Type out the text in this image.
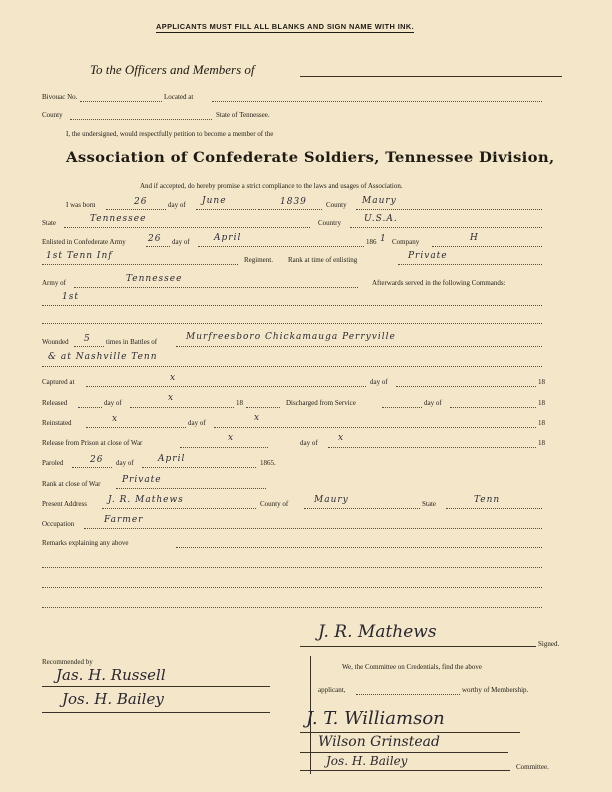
APPLICANTS MUST FILL ALL BLANKS AND SIGN NAME WITH INK.
To the Officers and Members of
Bivouac No.	Located at
County	State of Tennessee.
I, the undersigned, would respectfully petition to become a member of the
Association of Confederate Soldiers, Tennessee Division,
And if accepted, do hereby promise a strict compliance to the laws and usages of Association.
I was born	26	day of June	1839	County Maury
State	Tennessee	Country	U.S.A.
Enlisted in Confederate Army 26 day of	April	186 1 Company	H
1st Tenn Inf	Regiment. Rank at time of enlisting	Private
Army of	Tennessee	Afterwards served in the following Commands:
1st
Wounded 5 times in Battles of	Murfreesboro Chickamauga Perryville
& at Nashville Tenn
Captured at	x	day of	18
Released	day of	x	18	Discharged from Service	day of	18
Reinstated	x	day of	x	18
Release from Prison at close of War	x	day of x	18
Paroled	26 day of	April	1865.
Rank at close of War Private
Present Address J. R. Mathews	County of	Maury	State	Tenn
Occupation	Farmer
Remarks explaining any above
J. R. Mathews
Signed.
Recommended by
Jas. H. Russell
Jos. H. Bailey
We, the Committee on Credentials, find the above
applicant,	worthy of Membership.
J. T. Williamson
Wilson Grinstead
Jos. H. Bailey	Committee.
